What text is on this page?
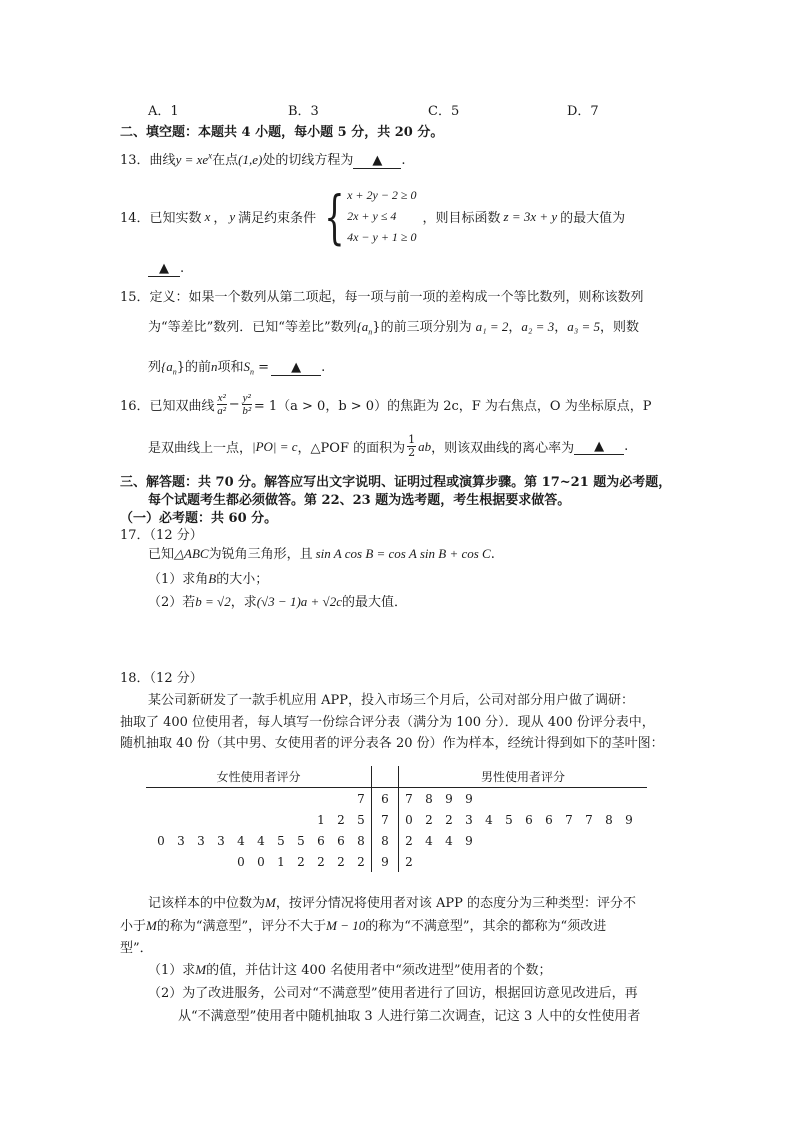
A．1	B．3	C．5	D．7
二、填空题：本题共 4 小题，每小题 5 分，共 20 分。
13．曲线$y = xe^x$在点(1,e)处的切线方程为 ▲ .
14． 已知实数 x ， y 满足约束条件 { x + 2y − 2 ≥ 0
2x + y ≤ 4
4x − y + 1 ≥ 0
，则目标函数 z = 3x + y 的最大值为
▲ .
15．定义：如果一个数列从第二项起，每一项与前一项的差构成一个等比数列，则称该数列
为“等差比”数列．已知“等差比”数列$\{a_n\}$的前三项分别为 a₁ = 2，a₂ = 3，a₃ = 5，则数
列$\{a_n\}$的前n项和$S_n$ = ▲ .
16． 已知双曲线 $\frac{\text{x²}}{\text{a²}} - \frac{\text{y²}}{\text{b²}} = 1(a > 0$，b > 0）的焦距为 2c，F 为右焦点，O 为坐标原点，P
是双曲线上一点， |PO| = c ，△POF 的面积为 $\frac{1}{2}$ ab ，则该双曲线的离心率为	▲	.
三、解答题：共 70 分。解答应写出文字说明、证明过程或演算步骤。第 17~21 题为必考题，
每个试题考生都必须做答。第 22、23 题为选考题，考生根据要求做答。
（一）必考题：共 60 分。
17．（12 分）
已知△ABC为锐角三角形，且 sin A cos B = cos A sin B + cos C.
（1）求角B的大小；
（2）若b = √2，求(√3 − 1)a + √2c的最大值．
18．（12 分）
某公司新研发了一款手机应用 APP，投入市场三个月后，公司对部分用户做了调研：
抽取了 400 位使用者，每人填写一份综合评分表（满分为 100 分）．现从 400 份评分表中，
随机抽取 40 份（其中男、女使用者的评分表各 20 份）作为样本，经统计得到如下的茎叶图：
女性使用者评分		男性使用者评分
7	6	7 8 9 9
1 2 5	7	0 2 2 3 4 5 6 6 7 7 8 9
0 3 3 3 4 4 5 5 6 6 8	8	2 4 4 9
0 0 1 2 2 2 2	9	2
记该样本的中位数为M，按评分情况将使用者对该 APP 的态度分为三种类型：评分不
小于M的称为“满意型”，评分不大于M − 10的称为“不满意型”，其余的都称为“须改进
型”．
（1）求M的值，并估计这 400 名使用者中“须改进型”使用者的个数；
（2）为了改进服务，公司对“不满意型”使用者进行了回访，根据回访意见改进后，再
从“不满意型”使用者中随机抽取 3 人进行第二次调查，记这 3 人中的女性使用者
